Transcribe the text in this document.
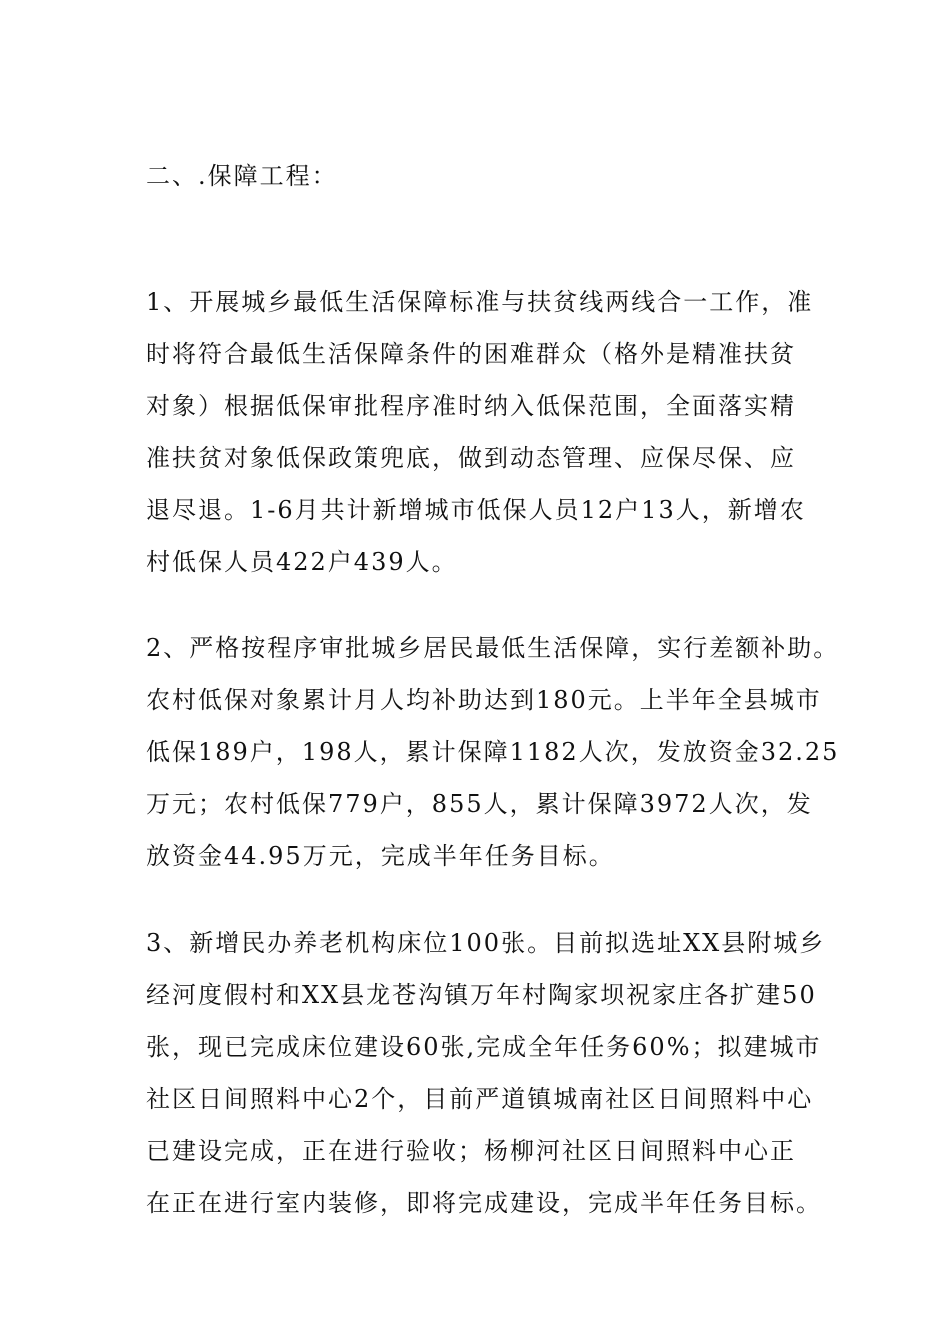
二、.保障工程：
1、开展城乡最低生活保障标准与扶贫线两线合一工作，准
时将符合最低生活保障条件的困难群众（格外是精准扶贫
对象）根据低保审批程序准时纳入低保范围，全面落实精
准扶贫对象低保政策兜底，做到动态管理、应保尽保、应
退尽退。1-6月共计新增城市低保人员12户13人，新增农
村低保人员422户439人。
2、严格按程序审批城乡居民最低生活保障，实行差额补助。
农村低保对象累计月人均补助达到180元。上半年全县城市
低保189户，198人，累计保障1182人次，发放资金32.25
万元；农村低保779户，855人，累计保障3972人次，发
放资金44.95万元，完成半年任务目标。
3、新增民办养老机构床位100张。目前拟选址XX县附城乡
经河度假村和XX县龙苍沟镇万年村陶家坝祝家庄各扩建50
张，现已完成床位建设60张,完成全年任务60%；拟建城市
社区日间照料中心2个，目前严道镇城南社区日间照料中心
已建设完成，正在进行验收；杨柳河社区日间照料中心正
在正在进行室内装修，即将完成建设，完成半年任务目标。
